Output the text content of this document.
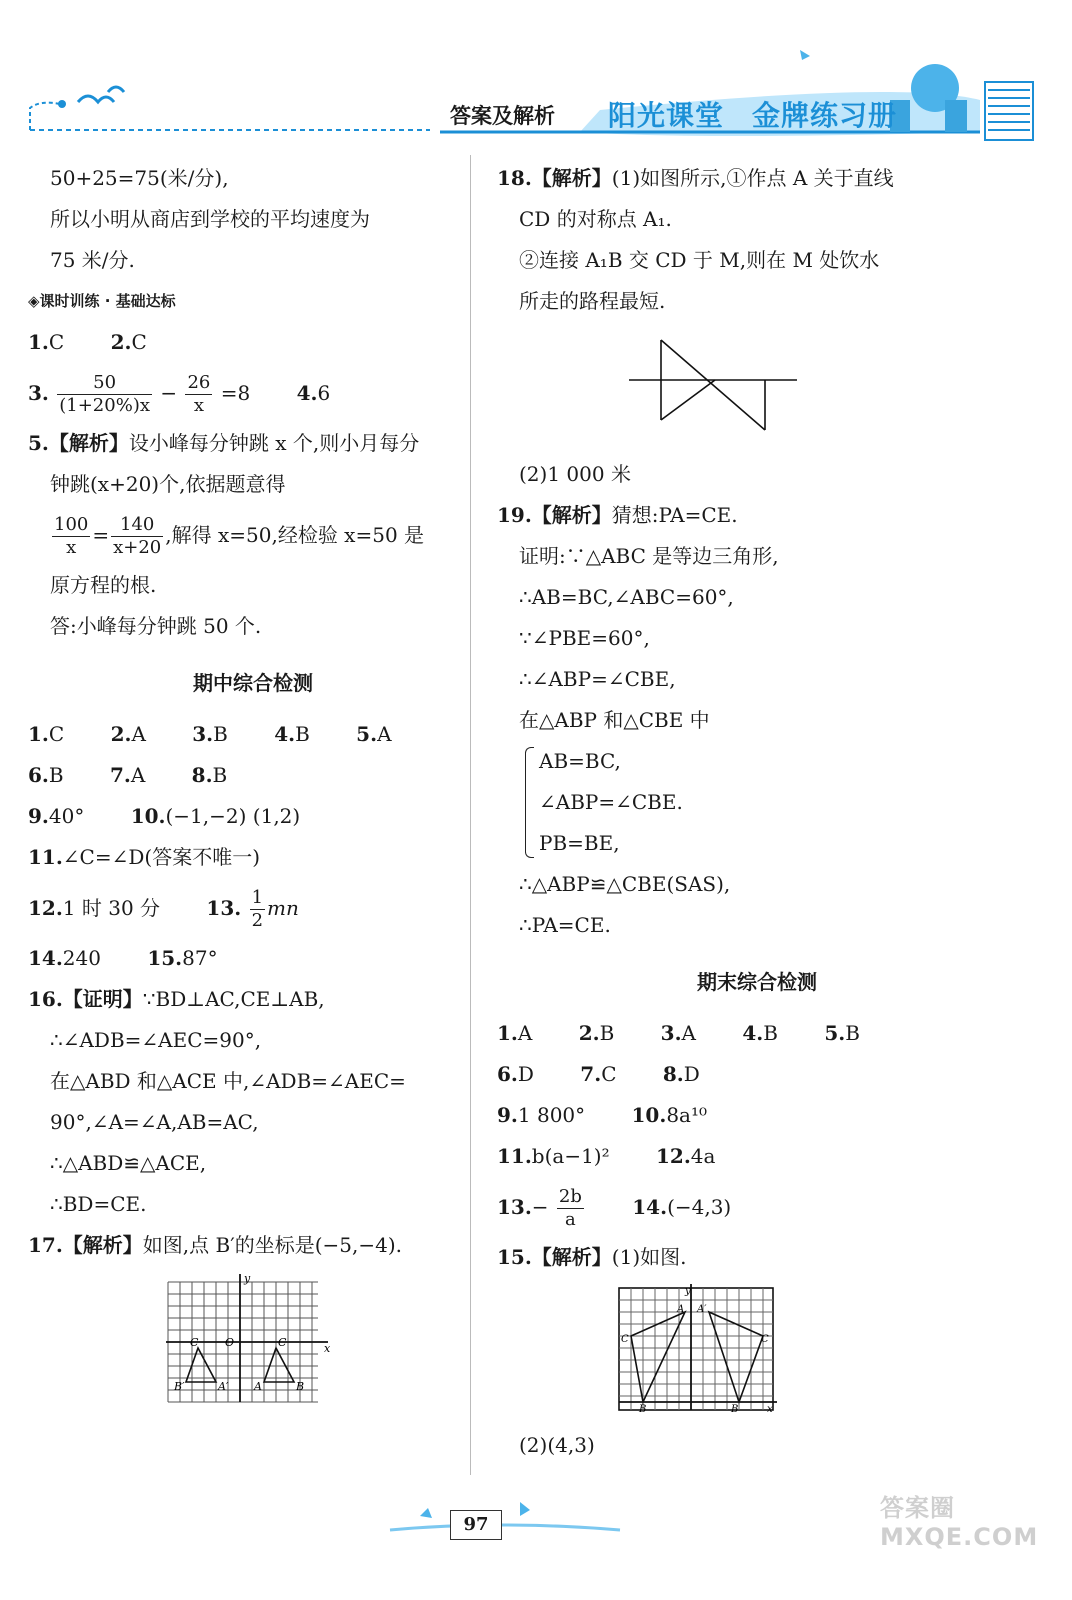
答案及解析 阳光课堂 金牌练习册
50+25=75(米/分),
所以小明从商店到学校的平均速度为
75 米/分.
◈课时训练 · 基础达标
1.C 2.C
3. $\frac{50}{(1+20\%)x} - \frac{26}{x} =8$ 4.6
5.【解析】设小峰每分钟跳 x 个,则小月每分
钟跳(x+20)个,依据题意得
$\frac{100}{x} = \frac{140}{x+20}$ ,解得 x=50,经检验 x=50 是
原方程的根.
答:小峰每分钟跳 50 个.
期中综合检测
1.C 2.A 3.B 4.B 5.A
6.B 7.A 8.B
9.40° 10.(−1,−2) (1,2)
11.∠C=∠D(答案不唯一)
12.1 时 30 分 13. $\frac{1}{2}$ mn
14.240 15.87°
16.【证明】∵BD⊥AC,CE⊥AB,
∴∠ADB=∠AEC=90°,
在△ABD 和△ACE 中,∠ADB=∠AEC=
90°,∠A=∠A,AB=AC,
∴△ABD≌△ACE,
∴BD=CE.
17.【解析】如图,点 B′的坐标是(−5,−4).
y
x
C O	C
B′	A′ A	B
18.【解析】(1)如图所示,①作点 A 关于直线
CD 的对称点 A₁.
②连接 A₁B 交 CD 于 M,则在 M 处饮水
所走的路程最短.
(2)1 000 米
19.【解析】猜想:PA=CE.
证明:∵△ABC 是等边三角形,
∴AB=BC,∠ABC=60°,
∵∠PBE=60°,
∴∠ABP=∠CBE,
在△ABP 和△CBE 中
AB=BC,
∠ABP=∠CBE.
PB=BE,
∴△ABP≌△CBE(SAS),
∴PA=CE.
期末综合检测
1.A 2.B 3.A 4.B 5.B
6.D 7.C 8.D
9.1 800° 10.8a¹⁰
11.b(a−1)² 12.4a
$13.- \frac{2b}{a} 14.(-4,3)$
15.【解析】(1)如图.
y
A A′
C	C
B	B	x
(2)(4,3)
97
答案圈 MXQE.COM
